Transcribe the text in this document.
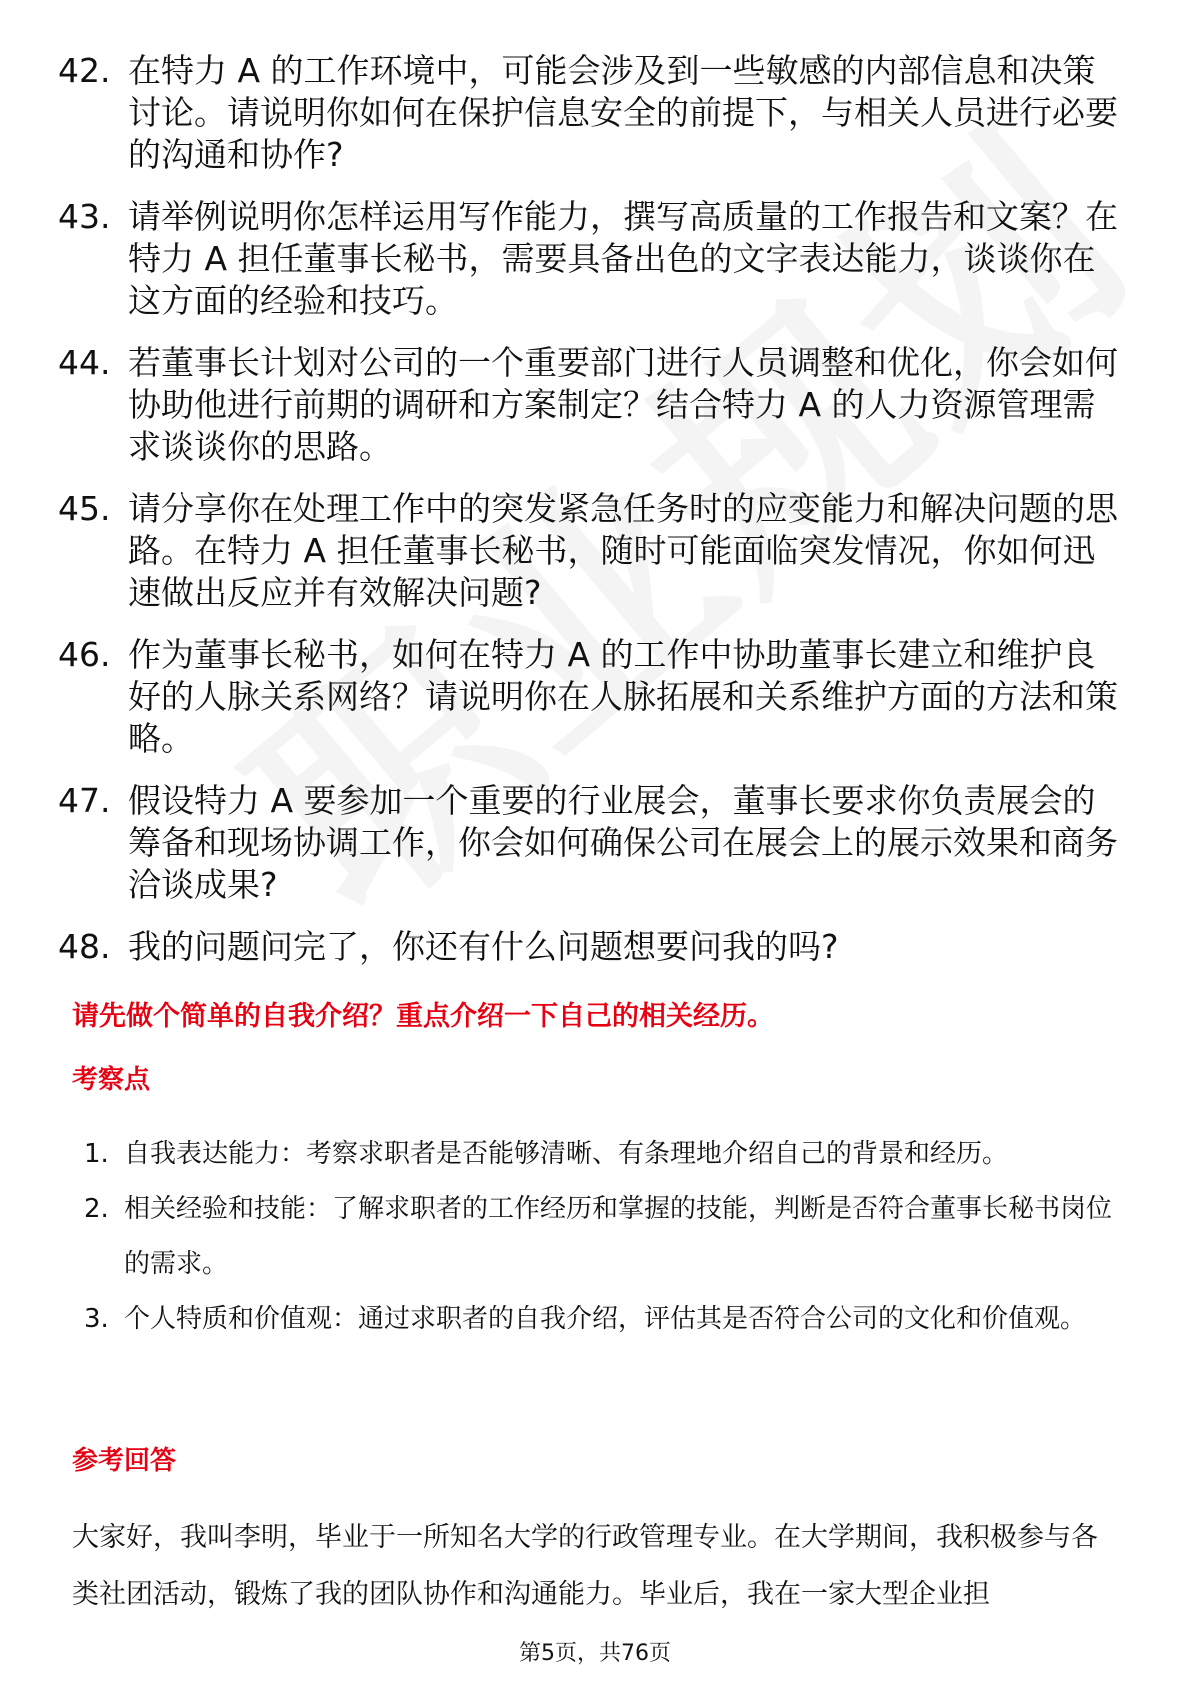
42. 在特力 A 的工作环境中，可能会涉及到一些敏感的内部信息和决策讨论。请说明你如何在保护信息安全的前提下，与相关人员进行必要的沟通和协作?
43. 请举例说明你怎样运用写作能力，撰写高质量的工作报告和文案？在特力 A 担任董事长秘书，需要具备出色的文字表达能力，谈谈你在这方面的经验和技巧。
44. 若董事长计划对公司的一个重要部门进行人员调整和优化，你会如何协助他进行前期的调研和方案制定？结合特力 A 的人力资源管理需求谈谈你的思路。
45. 请分享你在处理工作中的突发紧急任务时的应变能力和解决问题的思路。在特力 A 担任董事长秘书，随时可能面临突发情况，你如何迅速做出反应并有效解决问题?
46. 作为董事长秘书，如何在特力 A 的工作中协助董事长建立和维护良好的人脉关系网络？请说明你在人脉拓展和关系维护方面的方法和策略。
47. 假设特力 A 要参加一个重要的行业展会，董事长要求你负责展会的筹备和现场协调工作，你会如何确保公司在展会上的展示效果和商务洽谈成果?
48. 我的问题问完了，你还有什么问题想要问我的吗?
请先做个简单的自我介绍？重点介绍一下自己的相关经历。
考察点
1. 自我表达能力：考察求职者是否能够清晰、有条理地介绍自己的背景和经历。
2. 相关经验和技能：了解求职者的工作经历和掌握的技能，判断是否符合董事长秘书岗位的需求。
3. 个人特质和价值观：通过求职者的自我介绍，评估其是否符合公司的文化和价值观。
参考回答
大家好，我叫李明，毕业于一所知名大学的行政管理专业。在大学期间，我积极参与各类社团活动，锻炼了我的团队协作和沟通能力。毕业后，我在一家大型企业担
第5页，共76页
